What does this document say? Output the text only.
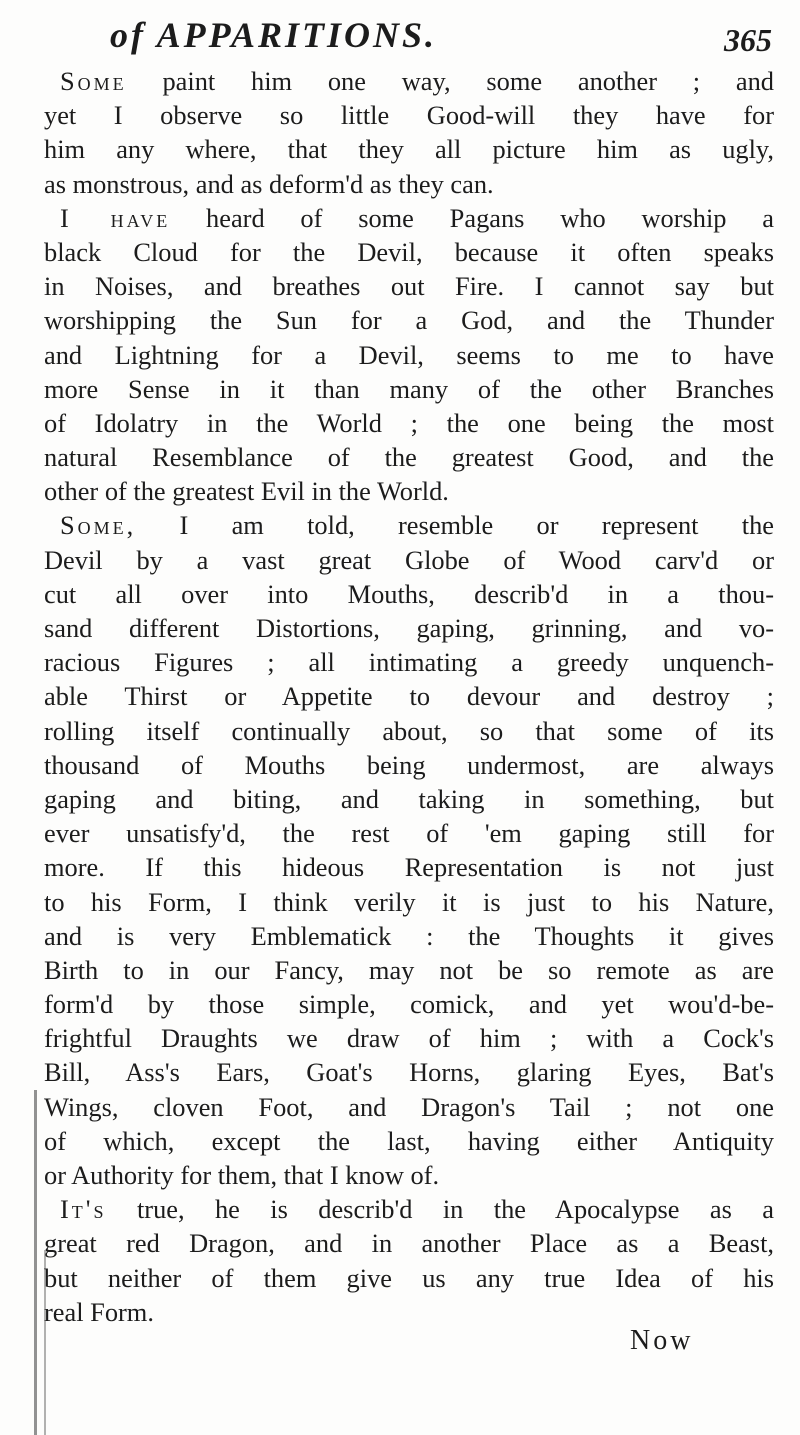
of APPARITIONS.	365
Some paint him one way, some another ; and
yet I observe so little Good-will they have for
him any where, that they all picture him as ugly,
as monstrous, and as deform'd as they can.
I have heard of some Pagans who worship a
black Cloud for the Devil, because it often speaks
in Noises, and breathes out Fire. I cannot say but
worshipping the Sun for a God, and the Thunder
and Lightning for a Devil, seems to me to have
more Sense in it than many of the other Branches
of Idolatry in the World ; the one being the most
natural Resemblance of the greatest Good, and the
other of the greatest Evil in the World.
Some, I am told, resemble or represent the
Devil by a vast great Globe of Wood carv'd or
cut all over into Mouths, describ'd in a thou-
sand different Distortions, gaping, grinning, and vo-
racious Figures ; all intimating a greedy unquench-
able Thirst or Appetite to devour and destroy ;
rolling itself continually about, so that some of its
thousand of Mouths being undermost, are always
gaping and biting, and taking in something, but
ever unsatisfy'd, the rest of 'em gaping still for
more. If this hideous Representation is not just
to his Form, I think verily it is just to his Nature,
and is very Emblematick : the Thoughts it gives
Birth to in our Fancy, may not be so remote as are
form'd by those simple, comick, and yet wou'd-be-
frightful Draughts we draw of him ; with a Cock's
Bill, Ass's Ears, Goat's Horns, glaring Eyes, Bat's
Wings, cloven Foot, and Dragon's Tail ; not one
of which, except the last, having either Antiquity
or Authority for them, that I know of.
It's true, he is describ'd in the Apocalypse as a
great red Dragon, and in another Place as a Beast,
but neither of them give us any true Idea of his
real Form.
Now
